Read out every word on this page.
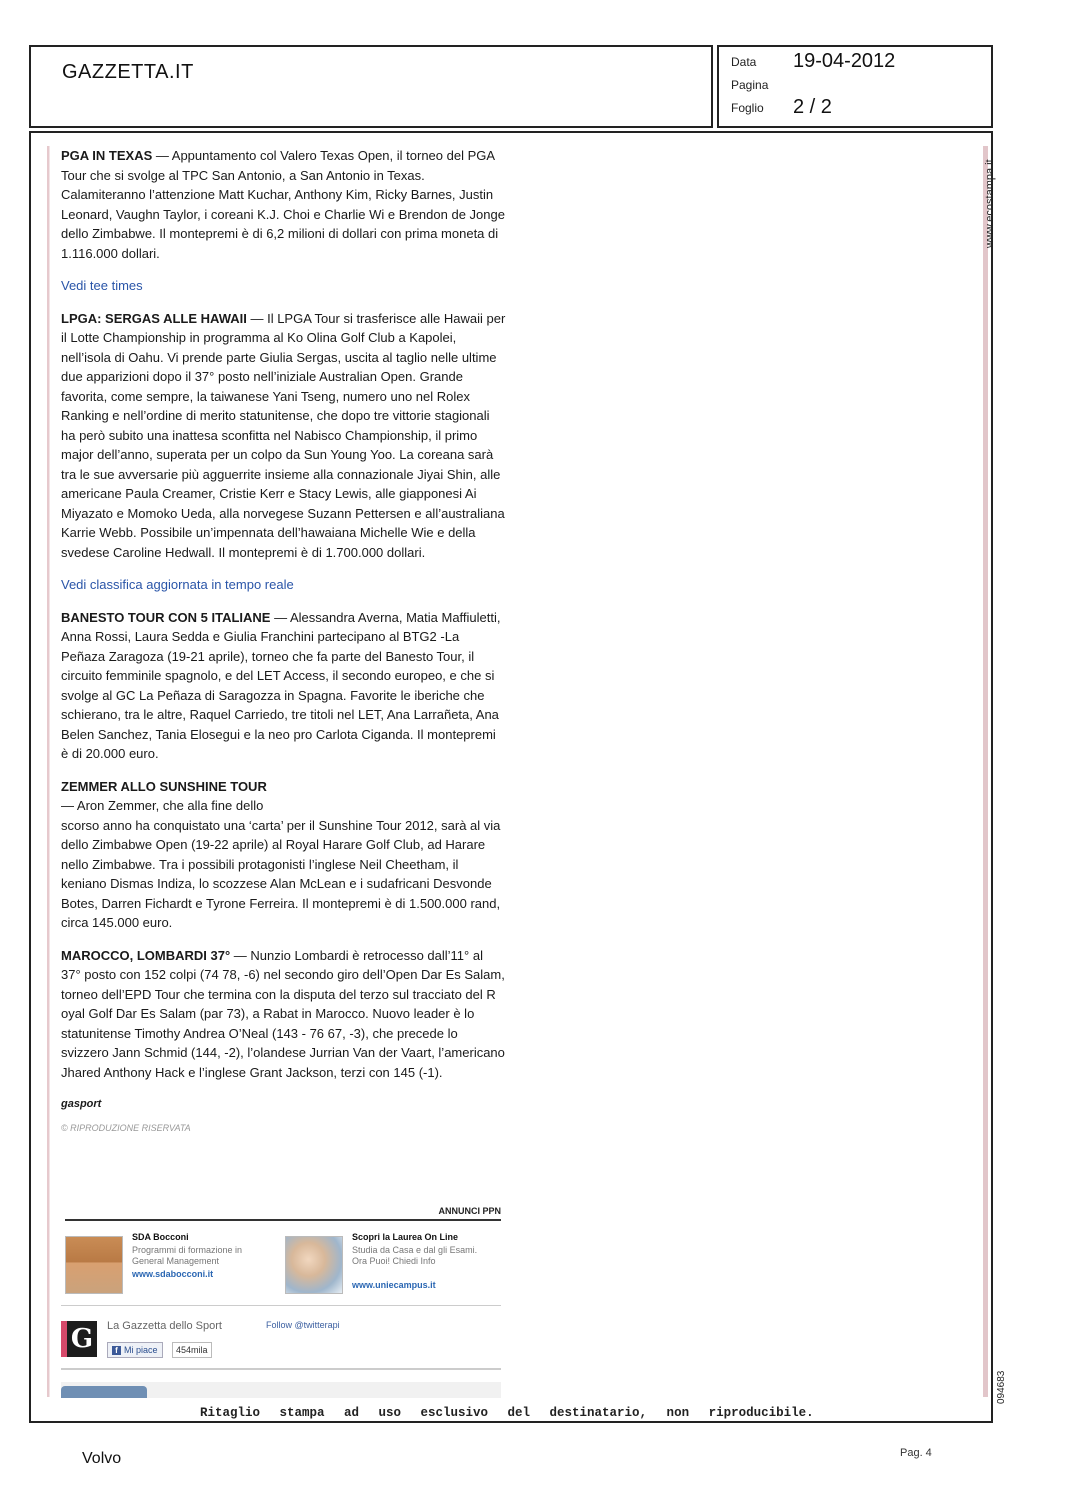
GAZZETTA.IT	Data 19-04-2012
Pagina
Foglio 2 / 2
www.ecostampa.it
094683

PGA IN TEXAS — Appuntamento col Valero Texas Open, il torneo del PGA Tour che si svolge al TPC San Antonio, a San Antonio in Texas. Calamiteranno l’attenzione Matt Kuchar, Anthony Kim, Ricky Barnes, Justin Leonard, Vaughn Taylor, i coreani K.J. Choi e Charlie Wi e Brendon de Jonge dello Zimbabwe. Il montepremi è di 6,2 milioni di dollari con prima moneta di 1.116.000 dollari.

Vedi tee times

LPGA: SERGAS ALLE HAWAII — Il LPGA Tour si trasferisce alle Hawaii per il Lotte Championship in programma al Ko Olina Golf Club a Kapolei, nell’isola di Oahu. Vi prende parte Giulia Sergas, uscita al taglio nelle ultime due apparizioni dopo il 37° posto nell’iniziale Australian Open. Grande favorita, come sempre, la taiwanese Yani Tseng, numero uno nel Rolex Ranking e nell’ordine di merito statunitense, che dopo tre vittorie stagionali ha però subito una inattesa sconfitta nel Nabisco Championship, il primo major dell’anno, superata per un colpo da Sun Young Yoo. La coreana sarà tra le sue avversarie più agguerrite insieme alla connazionale Jiyai Shin, alle americane Paula Creamer, Cristie Kerr e Stacy Lewis, alle giapponesi Ai Miyazato e Momoko Ueda, alla norvegese Suzann Pettersen e all’australiana Karrie Webb. Possibile un’impennata dell’hawaiana Michelle Wie e della svedese Caroline Hedwall. Il montepremi è di 1.700.000 dollari.

Vedi classifica aggiornata in tempo reale

BANESTO TOUR CON 5 ITALIANE — Alessandra Averna, Matia Maffiuletti, Anna Rossi, Laura Sedda e Giulia Franchini partecipano al BTG2 -La Peñaza Zaragoza (19-21 aprile), torneo che fa parte del Banesto Tour, il circuito femminile spagnolo, e del LET Access, il secondo europeo, e che si svolge al GC La Peñaza di Saragozza in Spagna. Favorite le iberiche che schierano, tra le altre, Raquel Carriedo, tre titoli nel LET, Ana Larrañeta, Ana Belen Sanchez, Tania Elosegui e la neo pro Carlota Ciganda. Il montepremi è di 20.000 euro.

ZEMMER ALLO SUNSHINE TOUR
— Aron Zemmer, che alla fine dello
scorso anno ha conquistato una ‘carta’ per il Sunshine Tour 2012, sarà al via dello Zimbabwe Open (19-22 aprile) al Royal Harare Golf Club, ad Harare nello Zimbabwe. Tra i possibili protagonisti l’inglese Neil Cheetham, il keniano Dismas Indiza, lo scozzese Alan McLean e i sudafricani Desvonde Botes, Darren Fichardt e Tyrone Ferreira. Il montepremi è di 1.500.000 rand, circa 145.000 euro.

MAROCCO, LOMBARDI 37° — Nunzio Lombardi è retrocesso dall’11° al 37° posto con 152 colpi (74 78, -6) nel secondo giro dell’Open Dar Es Salam, torneo dell’EPD Tour che termina con la disputa del terzo sul tracciato del R oyal Golf Dar Es Salam (par 73), a Rabat in Marocco. Nuovo leader è lo statunitense Timothy Andrea O’Neal (143 - 76 67, -3), che precede lo svizzero Jann Schmid (144, -2), l’olandese Jurrian Van der Vaart, l’americano Jhared Anthony Hack e l’inglese Grant Jackson, terzi con 145 (-1).

gasport
© RIPRODUZIONE RISERVATA
ANNUNCI PPN
SDA Bocconi
Programmi di formazione in General Management
www.sdabocconi.it
Scopri la Laurea On Line
Studia da Casa e dal gli Esami. Ora Puoi! Chiedi Info
www.uniecampus.it
G	La Gazzetta dello Sport	Follow @twitterapi
f Mi piace	454mila
Ritaglio stampa ad uso esclusivo del destinatario, non riproducibile.
Volvo	Pag. 4
